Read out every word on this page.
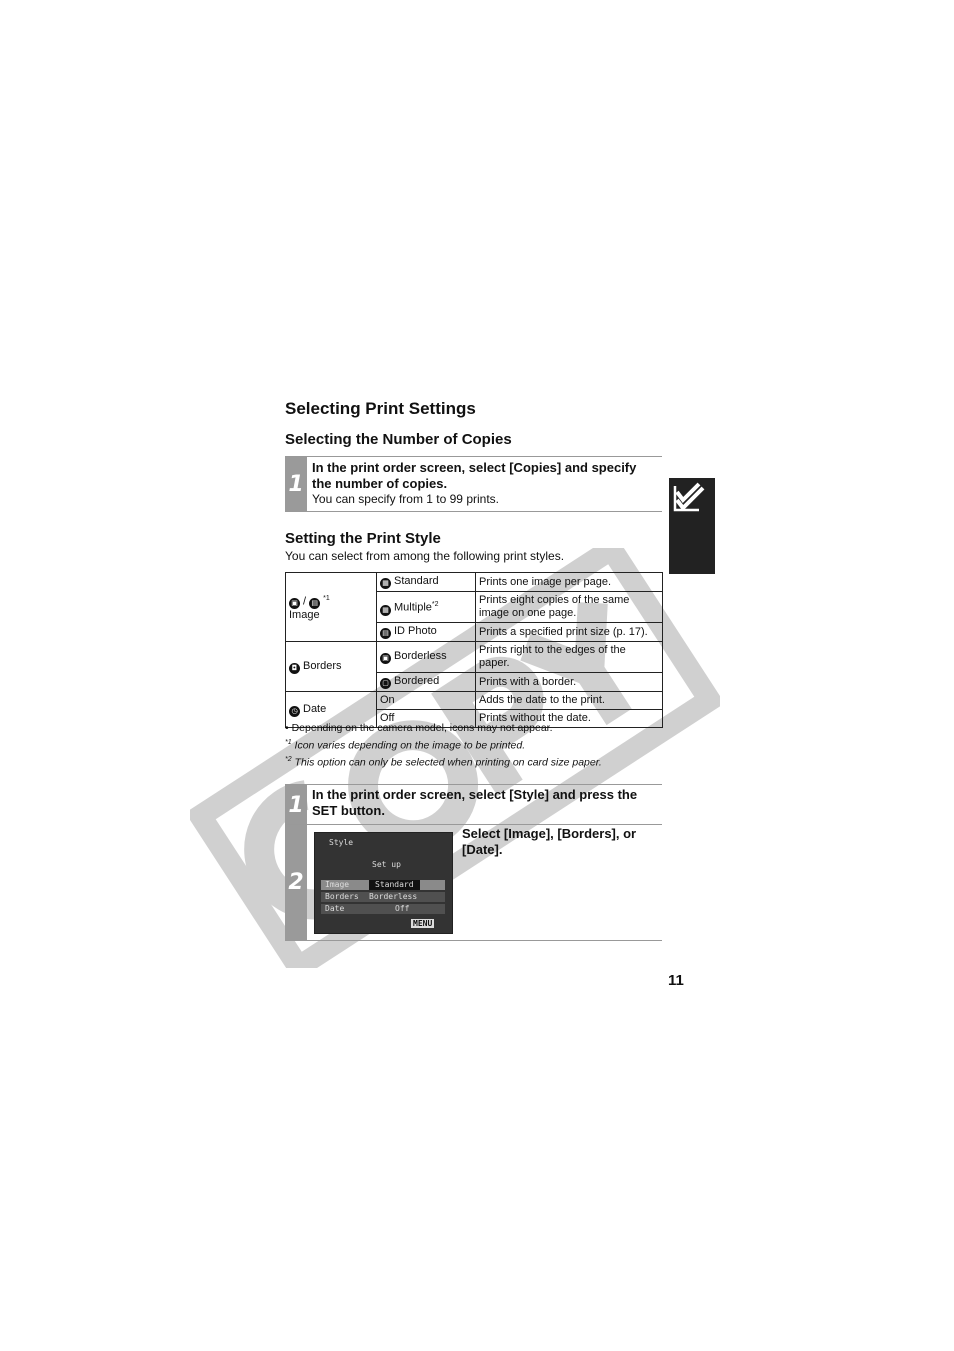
Selecting Print Settings
Selecting the Number of Copies
1
In the print order screen, select [Copies] and specify the number of copies.
You can specify from 1 to 99 prints.
Setting the Print Style
You can select from among the following print styles.
▣ / ▤$^{*1}$
Image	▦ Standard	Prints one image per page.
	▦ Multiple$^{*2}$	Prints eight copies of the same image on one page.
	▤ ID Photo	Prints a specified print size (p. 17).
◘ Borders	▣ Borderless	Prints right to the edges of the paper.
	▢ Bordered	Prints with a border.
◷ Date	On	Adds the date to the print.
	Off	Prints without the date.
• Depending on the camera model, icons may not appear.
$^{*1}$ Icon varies depending on the image to be printed.
$^{*2}$ This option can only be selected when printing on card size paper.
1 In the print order screen, select [Style] and press the SET button.
2
Select [Image], [Borders], or [Date].
Style
Set up
Image	Standard
Borders Borderless
Date	Off
MENU
11
